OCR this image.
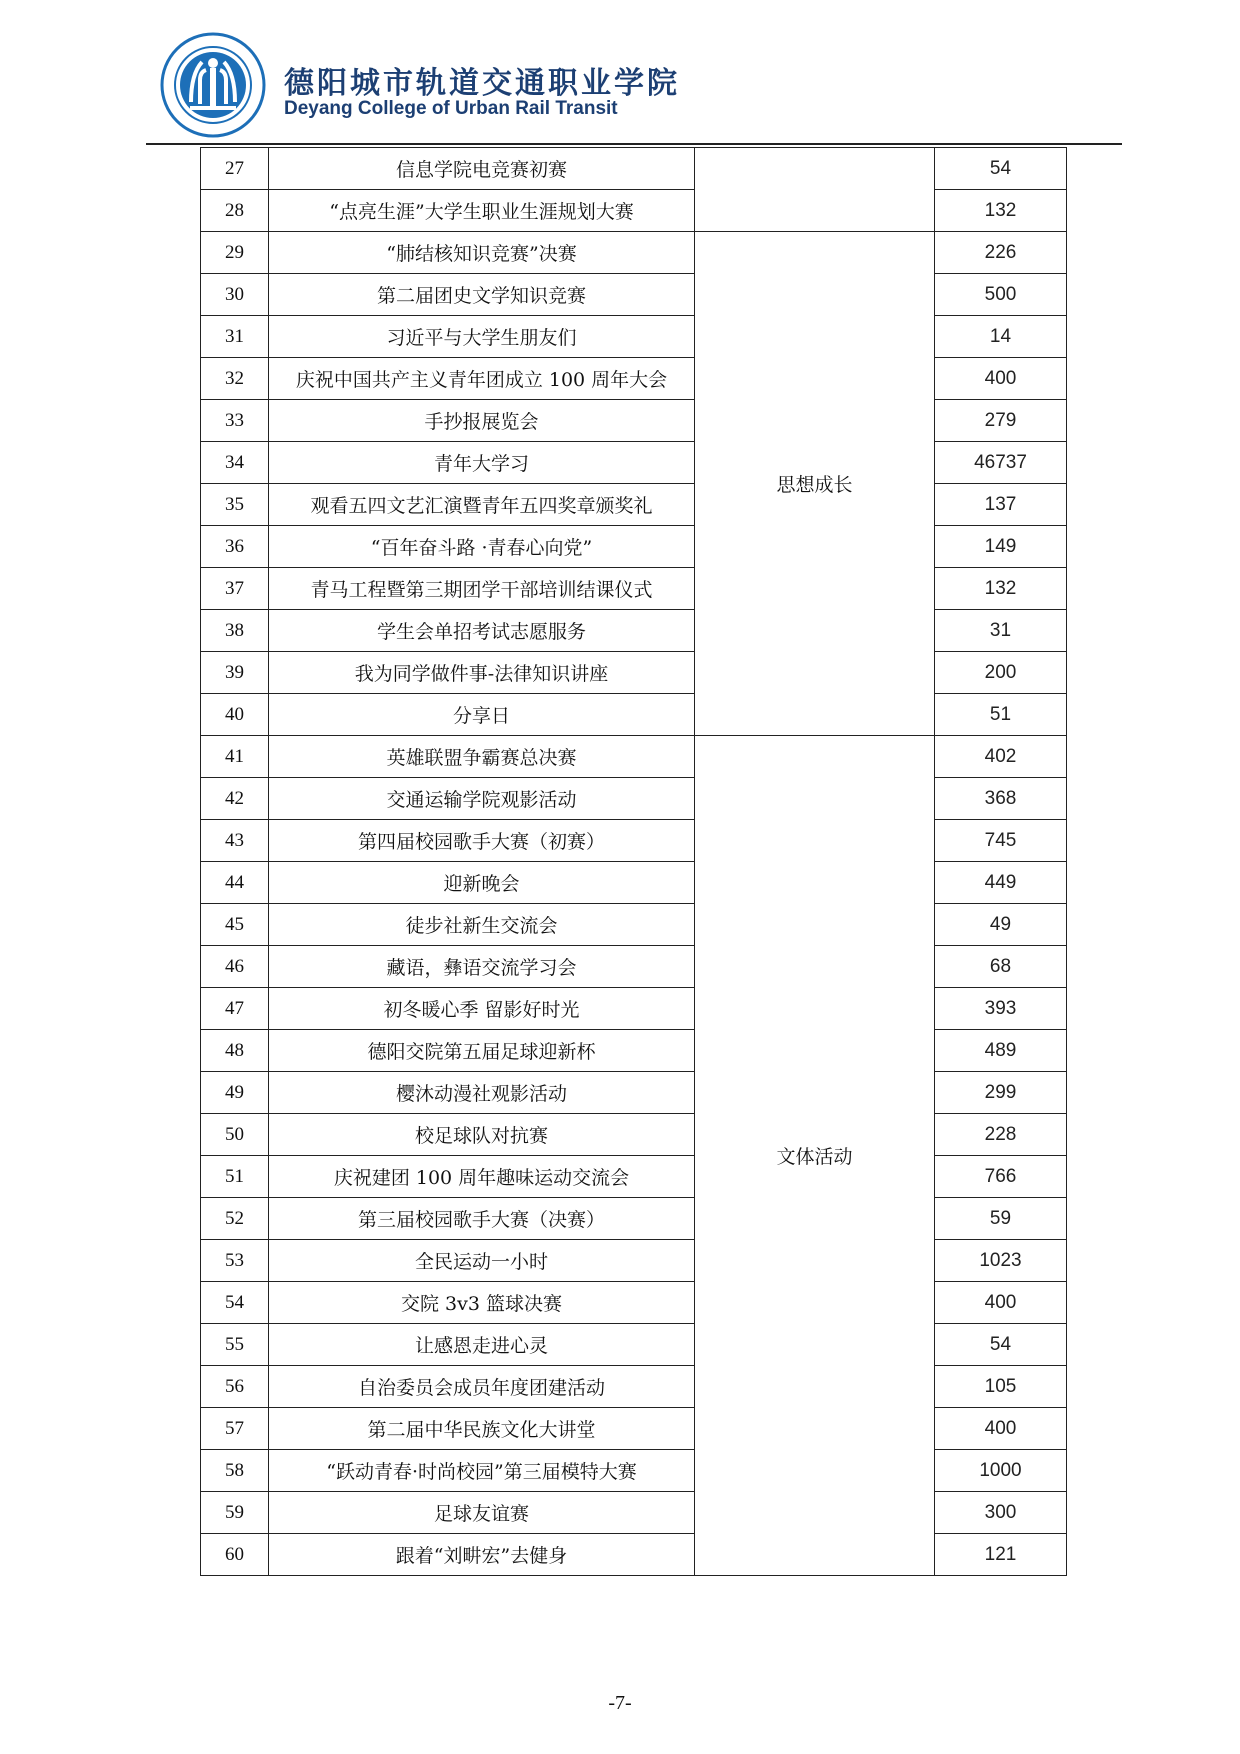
德阳城市轨道交通职业学院
Deyang College of Urban Rail Transit
27	信息学院电竞赛初赛		54
28	“点亮生涯”大学生职业生涯规划大赛		132
29	“肺结核知识竞赛”决赛	思想成长	226
30	第二届团史文学知识竞赛		500
31	习近平与大学生朋友们		14
32	庆祝中国共产主义青年团成立 100 周年大会		400
33	手抄报展览会		279
34	青年大学习		46737
35	观看五四文艺汇演暨青年五四奖章颁奖礼		137
36	“百年奋斗路 ·青春心向党”		149
37	青马工程暨第三期团学干部培训结课仪式		132
38	学生会单招考试志愿服务		31
39	我为同学做件事-法律知识讲座		200
40	分享日		51
41	英雄联盟争霸赛总决赛	文体活动	402
42	交通运输学院观影活动		368
43	第四届校园歌手大赛（初赛）		745
44	迎新晚会		449
45	徒步社新生交流会		49
46	藏语，彝语交流学习会		68
47	初冬暖心季 留影好时光		393
48	德阳交院第五届足球迎新杯		489
49	樱沐动漫社观影活动		299
50	校足球队对抗赛		228
51	庆祝建团 100 周年趣味运动交流会		766
52	第三届校园歌手大赛（决赛）		59
53	全民运动一小时		1023
54	交院 3v3 篮球决赛		400
55	让感恩走进心灵		54
56	自治委员会成员年度团建活动		105
57	第二届中华民族文化大讲堂		400
58	“跃动青春·时尚校园”第三届模特大赛		1000
59	足球友谊赛		300
60	跟着“刘畊宏”去健身		121
-7-
